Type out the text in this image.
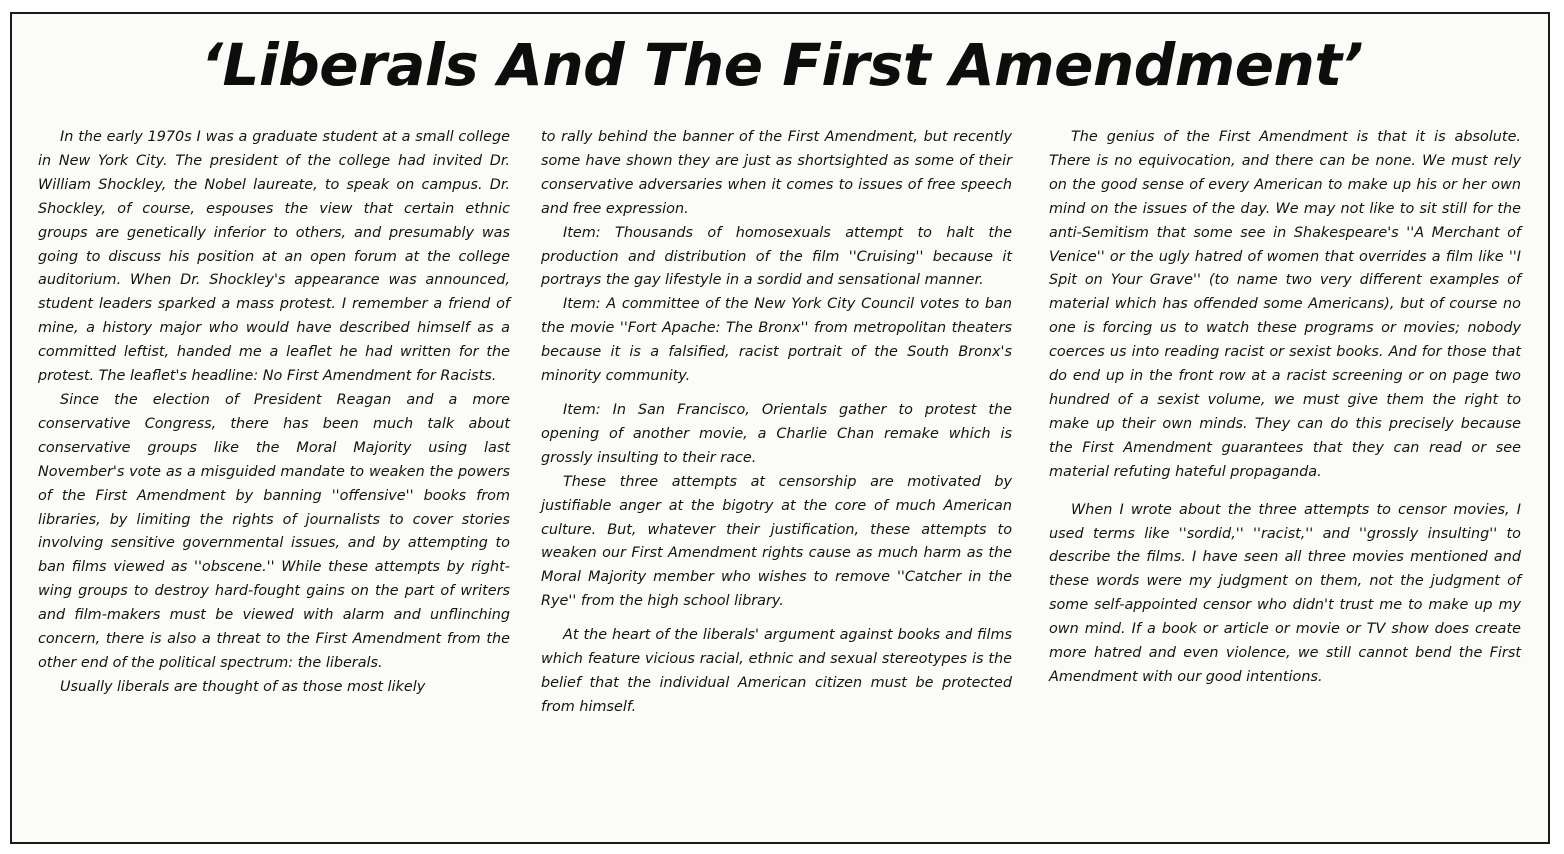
‘Liberals And The First Amendment’

In the early 1970s I was a graduate student at a small college in New York City. The president of the college had invited Dr. William Shockley, the Nobel laureate, to speak on campus. Dr. Shockley, of course, espouses the view that certain ethnic groups are genetically inferior to others, and presumably was going to discuss his position at an open forum at the college auditorium. When Dr. Shockley's appearance was announced, student leaders sparked a mass protest. I remember a friend of mine, a history major who would have described himself as a committed leftist, handed me a leaflet he had written for the protest. The leaflet's headline: No First Amendment for Racists.

Since the election of President Reagan and a more conservative Congress, there has been much talk about conservative groups like the Moral Majority using last November's vote as a misguided mandate to weaken the powers of the First Amendment by banning ''offensive'' books from libraries, by limiting the rights of journalists to cover stories involving sensitive governmental issues, and by attempting to ban films viewed as ''obscene.'' While these attempts by right-wing groups to destroy hard-fought gains on the part of writers and film-makers must be viewed with alarm and unflinching concern, there is also a threat to the First Amendment from the other end of the political spectrum: the liberals.

Usually liberals are thought of as those most likely

to rally behind the banner of the First Amendment, but recently some have shown they are just as shortsighted as some of their conservative adversaries when it comes to issues of free speech and free expression.

Item: Thousands of homosexuals attempt to halt the production and distribution of the film ''Cruising'' because it portrays the gay lifestyle in a sordid and sensational manner.

Item: A committee of the New York City Council votes to ban the movie ''Fort Apache: The Bronx'' from metropolitan theaters because it is a falsified, racist portrait of the South Bronx's minority community.

Item: In San Francisco, Orientals gather to protest the opening of another movie, a Charlie Chan remake which is grossly insulting to their race.

These three attempts at censorship are motivated by justifiable anger at the bigotry at the core of much American culture. But, whatever their justification, these attempts to weaken our First Amendment rights cause as much harm as the Moral Majority member who wishes to remove ''Catcher in the Rye'' from the high school library.

At the heart of the liberals' argument against books and films which feature vicious racial, ethnic and sexual stereotypes is the belief that the individual American citizen must be protected from himself.

The genius of the First Amendment is that it is absolute. There is no equivocation, and there can be none. We must rely on the good sense of every American to make up his or her own mind on the issues of the day. We may not like to sit still for the anti-Semitism that some see in Shakespeare's ''A Merchant of Venice'' or the ugly hatred of women that overrides a film like ''I Spit on Your Grave'' (to name two very different examples of material which has offended some Americans), but of course no one is forcing us to watch these programs or movies; nobody coerces us into reading racist or sexist books. And for those that do end up in the front row at a racist screening or on page two hundred of a sexist volume, we must give them the right to make up their own minds. They can do this precisely because the First Amendment guarantees that they can read or see material refuting hateful propaganda.

When I wrote about the three attempts to censor movies, I used terms like ''sordid,'' ''racist,'' and ''grossly insulting'' to describe the films. I have seen all three movies mentioned and these words were my judgment on them, not the judgment of some self-appointed censor who didn't trust me to make up my own mind. If a book or article or movie or TV show does create more hatred and even violence, we still cannot bend the First Amendment with our good intentions.
